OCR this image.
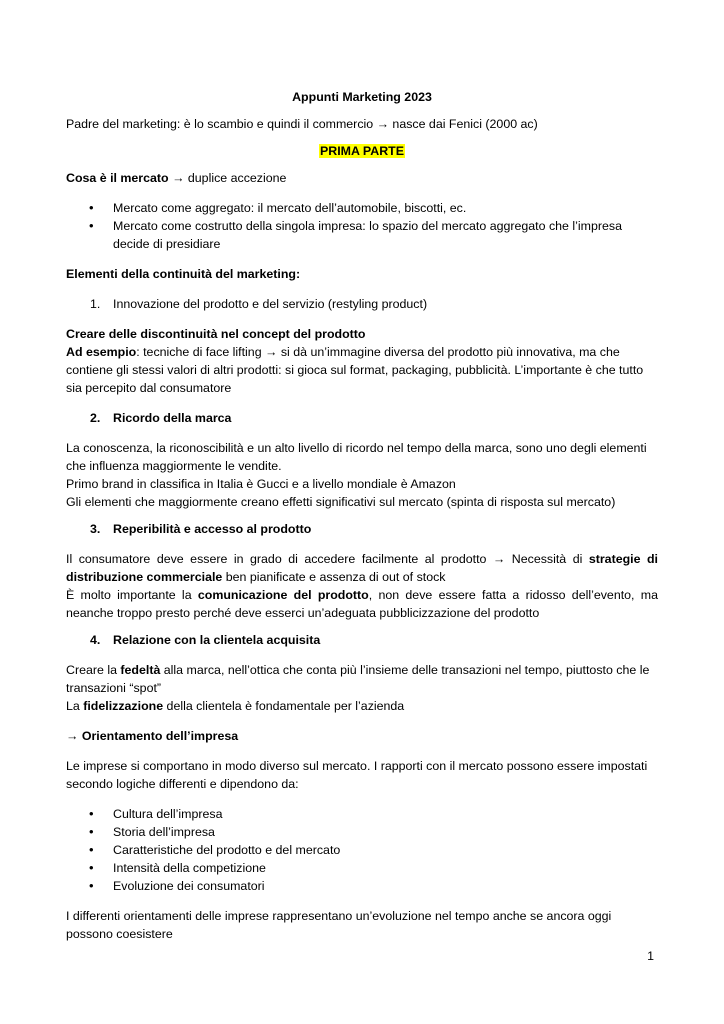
Appunti Marketing 2023

Padre del marketing: è lo scambio e quindi il commercio → nasce dai Fenici (2000 ac)

PRIMA PARTE

Cosa è il mercato → duplice accezione

• Mercato come aggregato: il mercato dell’automobile, biscotti, ec.
• Mercato come costrutto della singola impresa: lo spazio del mercato aggregato che l’impresa decide di presidiare

Elementi della continuità del marketing:

1. Innovazione del prodotto e del servizio (restyling product)

Creare delle discontinuità nel concept del prodotto

Ad esempio: tecniche di face lifting → si dà un’immagine diversa del prodotto più innovativa, ma che contiene gli stessi valori di altri prodotti: si gioca sul format, packaging, pubblicità. L’importante è che tutto sia percepito dal consumatore

2. Ricordo della marca

La conoscenza, la riconoscibilità e un alto livello di ricordo nel tempo della marca, sono uno degli elementi che influenza maggiormente le vendite.

Primo brand in classifica in Italia è Gucci e a livello mondiale è Amazon

Gli elementi che maggiormente creano effetti significativi sul mercato (spinta di risposta sul mercato)

3. Reperibilità e accesso al prodotto

Il consumatore deve essere in grado di accedere facilmente al prodotto → Necessità di strategie di distribuzione commerciale ben pianificate e assenza di out of stock

È molto importante la comunicazione del prodotto, non deve essere fatta a ridosso dell’evento, ma neanche troppo presto perché deve esserci un’adeguata pubblicizzazione del prodotto

4. Relazione con la clientela acquisita

Creare la fedeltà alla marca, nell’ottica che conta più l’insieme delle transazioni nel tempo, piuttosto che le transazioni “spot”

La fidelizzazione della clientela è fondamentale per l’azienda

→ Orientamento dell’impresa

Le imprese si comportano in modo diverso sul mercato. I rapporti con il mercato possono essere impostati secondo logiche differenti e dipendono da:

• Cultura dell’impresa
• Storia dell’impresa
• Caratteristiche del prodotto e del mercato
• Intensità della competizione
• Evoluzione dei consumatori

I differenti orientamenti delle imprese rappresentano un’evoluzione nel tempo anche se ancora oggi possono coesistere

1
